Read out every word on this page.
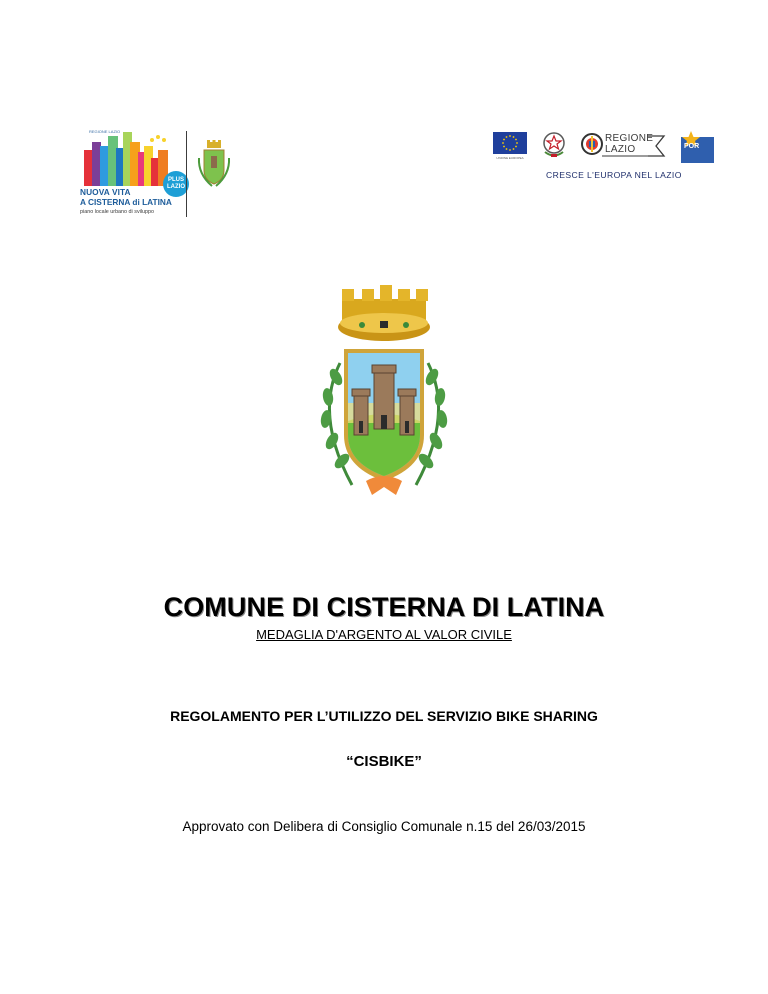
REGIONE LAZIO
PLUS
LAZIO
NUOVA VITA
A CISTERNA di LATINA
piano locale urbano di sviluppo
UNIONE EUROPEA
REGIONE
LAZIO	POR
CRESCE L'EUROPA NEL LAZIO
COMUNE DI CISTERNA DI LATINA
MEDAGLIA D'ARGENTO AL VALOR CIVILE
REGOLAMENTO PER L’UTILIZZO DEL SERVIZIO BIKE SHARING
“CISBIKE”
Approvato con Delibera di Consiglio Comunale n.15 del 26/03/2015
